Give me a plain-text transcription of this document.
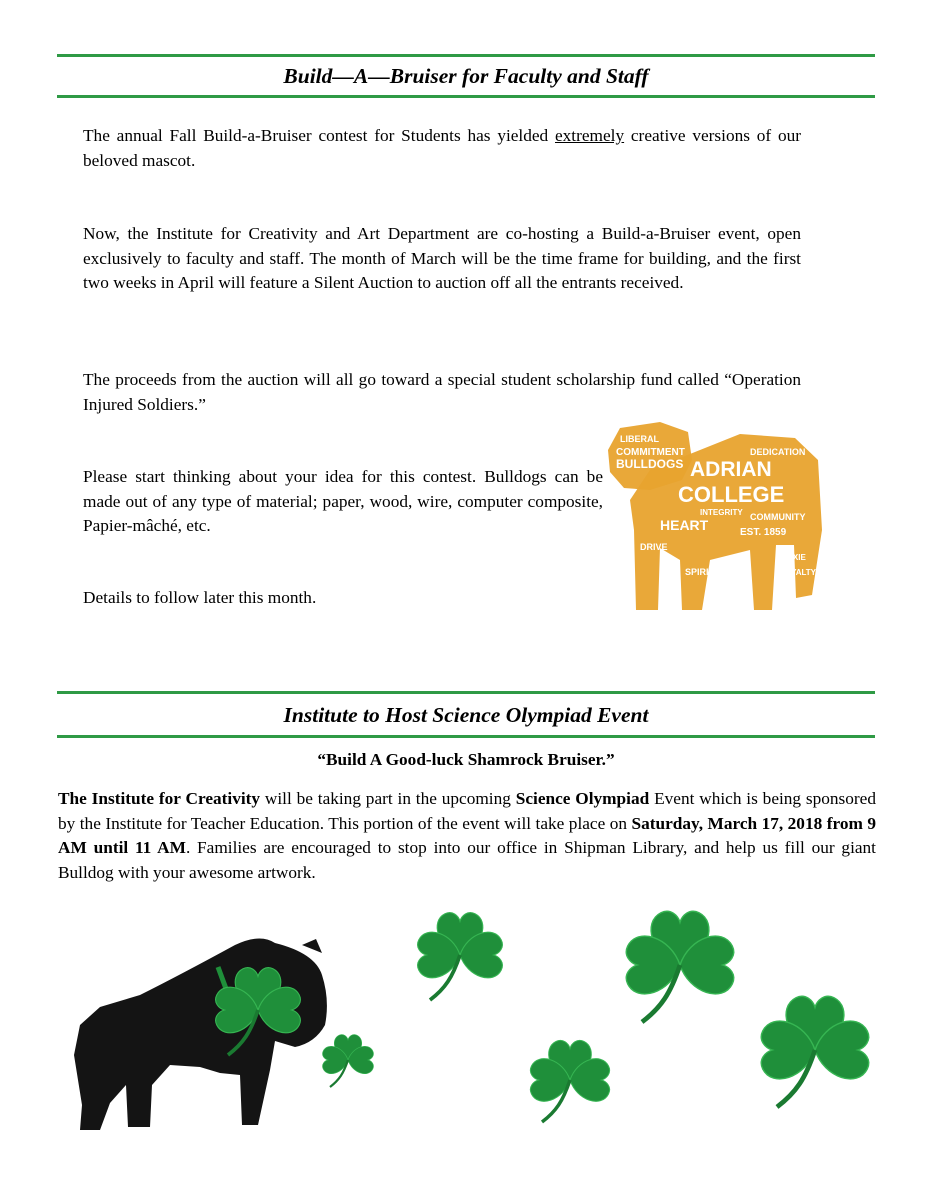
Build—A—Bruiser for Faculty and Staff

The annual Fall Build-a-Bruiser contest for Students has yielded extremely creative versions of our beloved mascot.

Now, the Institute for Creativity and Art Department are co-hosting a Build-a-Bruiser event, open exclusively to faculty and staff. The month of March will be the time frame for building, and the first two weeks in April will feature a Silent Auction to auction off all the entrants received.

The proceeds from the auction will all go toward a special student scholarship fund called “Operation Injured Soldiers.”

Please start thinking about your idea for this contest. Bulldogs can be made out of any type of material; paper, wood, wire, computer composite, Papier-mâché, etc.

Details to follow later this month.

ADRIAN
COLLEGE
LIBERAL
COMMITMENT
BULLDOGS
HEART
DRIVE
COMMUNITY
EST. 1859
DEDICATION
INTEGRITY
SPIRIT	LOYALTY
MOXIE
Institute to Host Science Olympiad Event
“Build A Good-luck Shamrock Bruiser.”

The Institute for Creativity will be taking part in the upcoming Science Olympiad Event which is being sponsored by the Institute for Teacher Education. This portion of the event will take place on Saturday, March 17, 2018 from 9 AM until 11 AM. Families are encouraged to stop into our office in Shipman Library, and help us fill our giant Bulldog with your awesome artwork.
